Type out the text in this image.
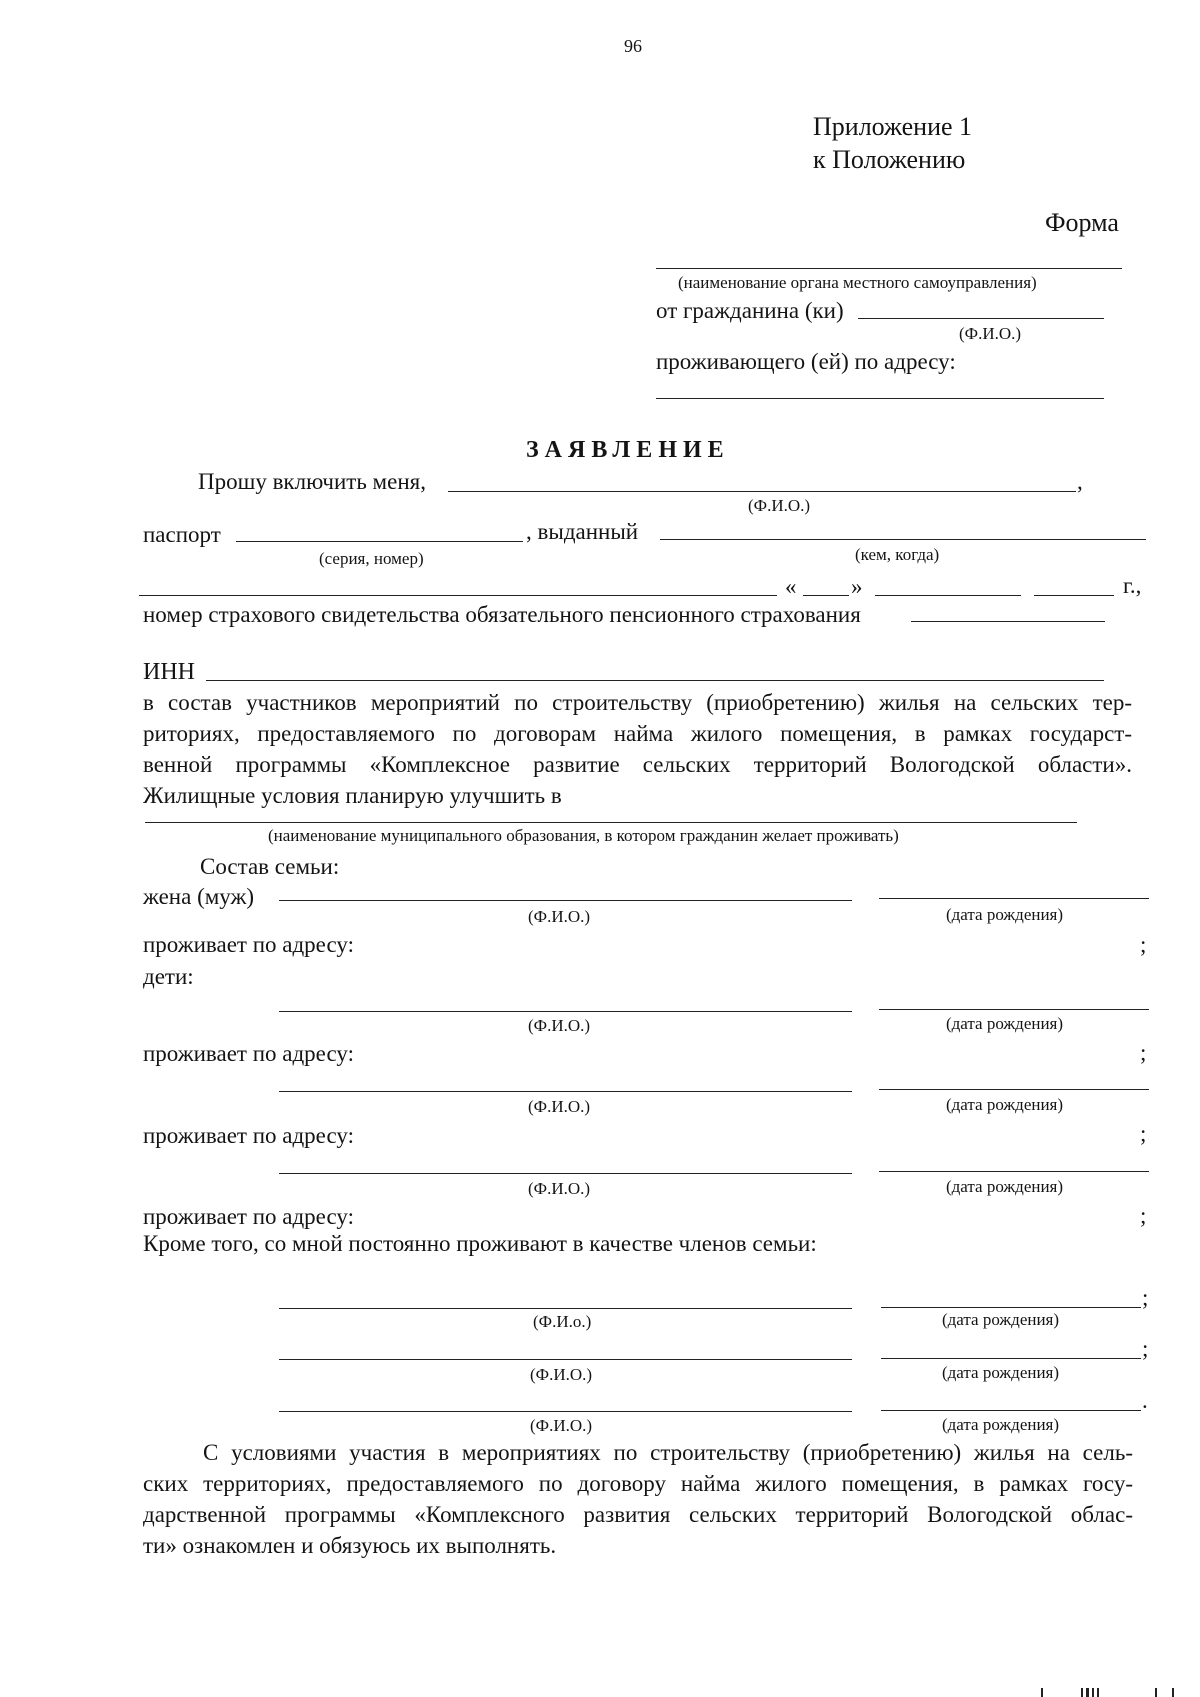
96
Приложение 1
к Положению
Форма
(наименование органа местного самоуправления)
от гражданина (ки)
(Ф.И.О.)
проживающего (ей) по адресу:
ЗАЯВЛЕНИЕ
Прошу включить меня,	,
(Ф.И.О.)
паспорт	, выданный
(серия, номер)	(кем, когда)
« »	г.,
номер страхового свидетельства обязательного пенсионного страхования
ИНН
в состав участников мероприятий по строительству (приобретению) жилья на сельских тер-
риториях, предоставляемого по договорам найма жилого помещения, в рамках государст-
венной программы «Комплексное развитие сельских территорий Вологодской области».
Жилищные условия планирую улучшить в
(наименование муниципального образования, в котором гражданин желает проживать)
Состав семьи:
жена (муж)
(Ф.И.О.)	(дата рождения)
проживает по адресу:	;
дети:
(Ф.И.О.)	(дата рождения)
проживает по адресу:	;
(Ф.И.О.)	(дата рождения)
проживает по адресу:	;
(Ф.И.О.)	(дата рождения)
проживает по адресу:	;
Кроме того, со мной постоянно проживают в качестве членов семьи:
;
(Ф.И.о.)	(дата рождения)
;
(Ф.И.О.)	(дата рождения)
.
(Ф.И.О.)	(дата рождения)
С условиями участия в мероприятиях по строительству (приобретению) жилья на сель-
ских территориях, предоставляемого по договору найма жилого помещения, в рамках госу-
дарственной программы «Комплексного развития сельских территорий Вологодской облас-
ти» ознакомлен и обязуюсь их выполнять.
